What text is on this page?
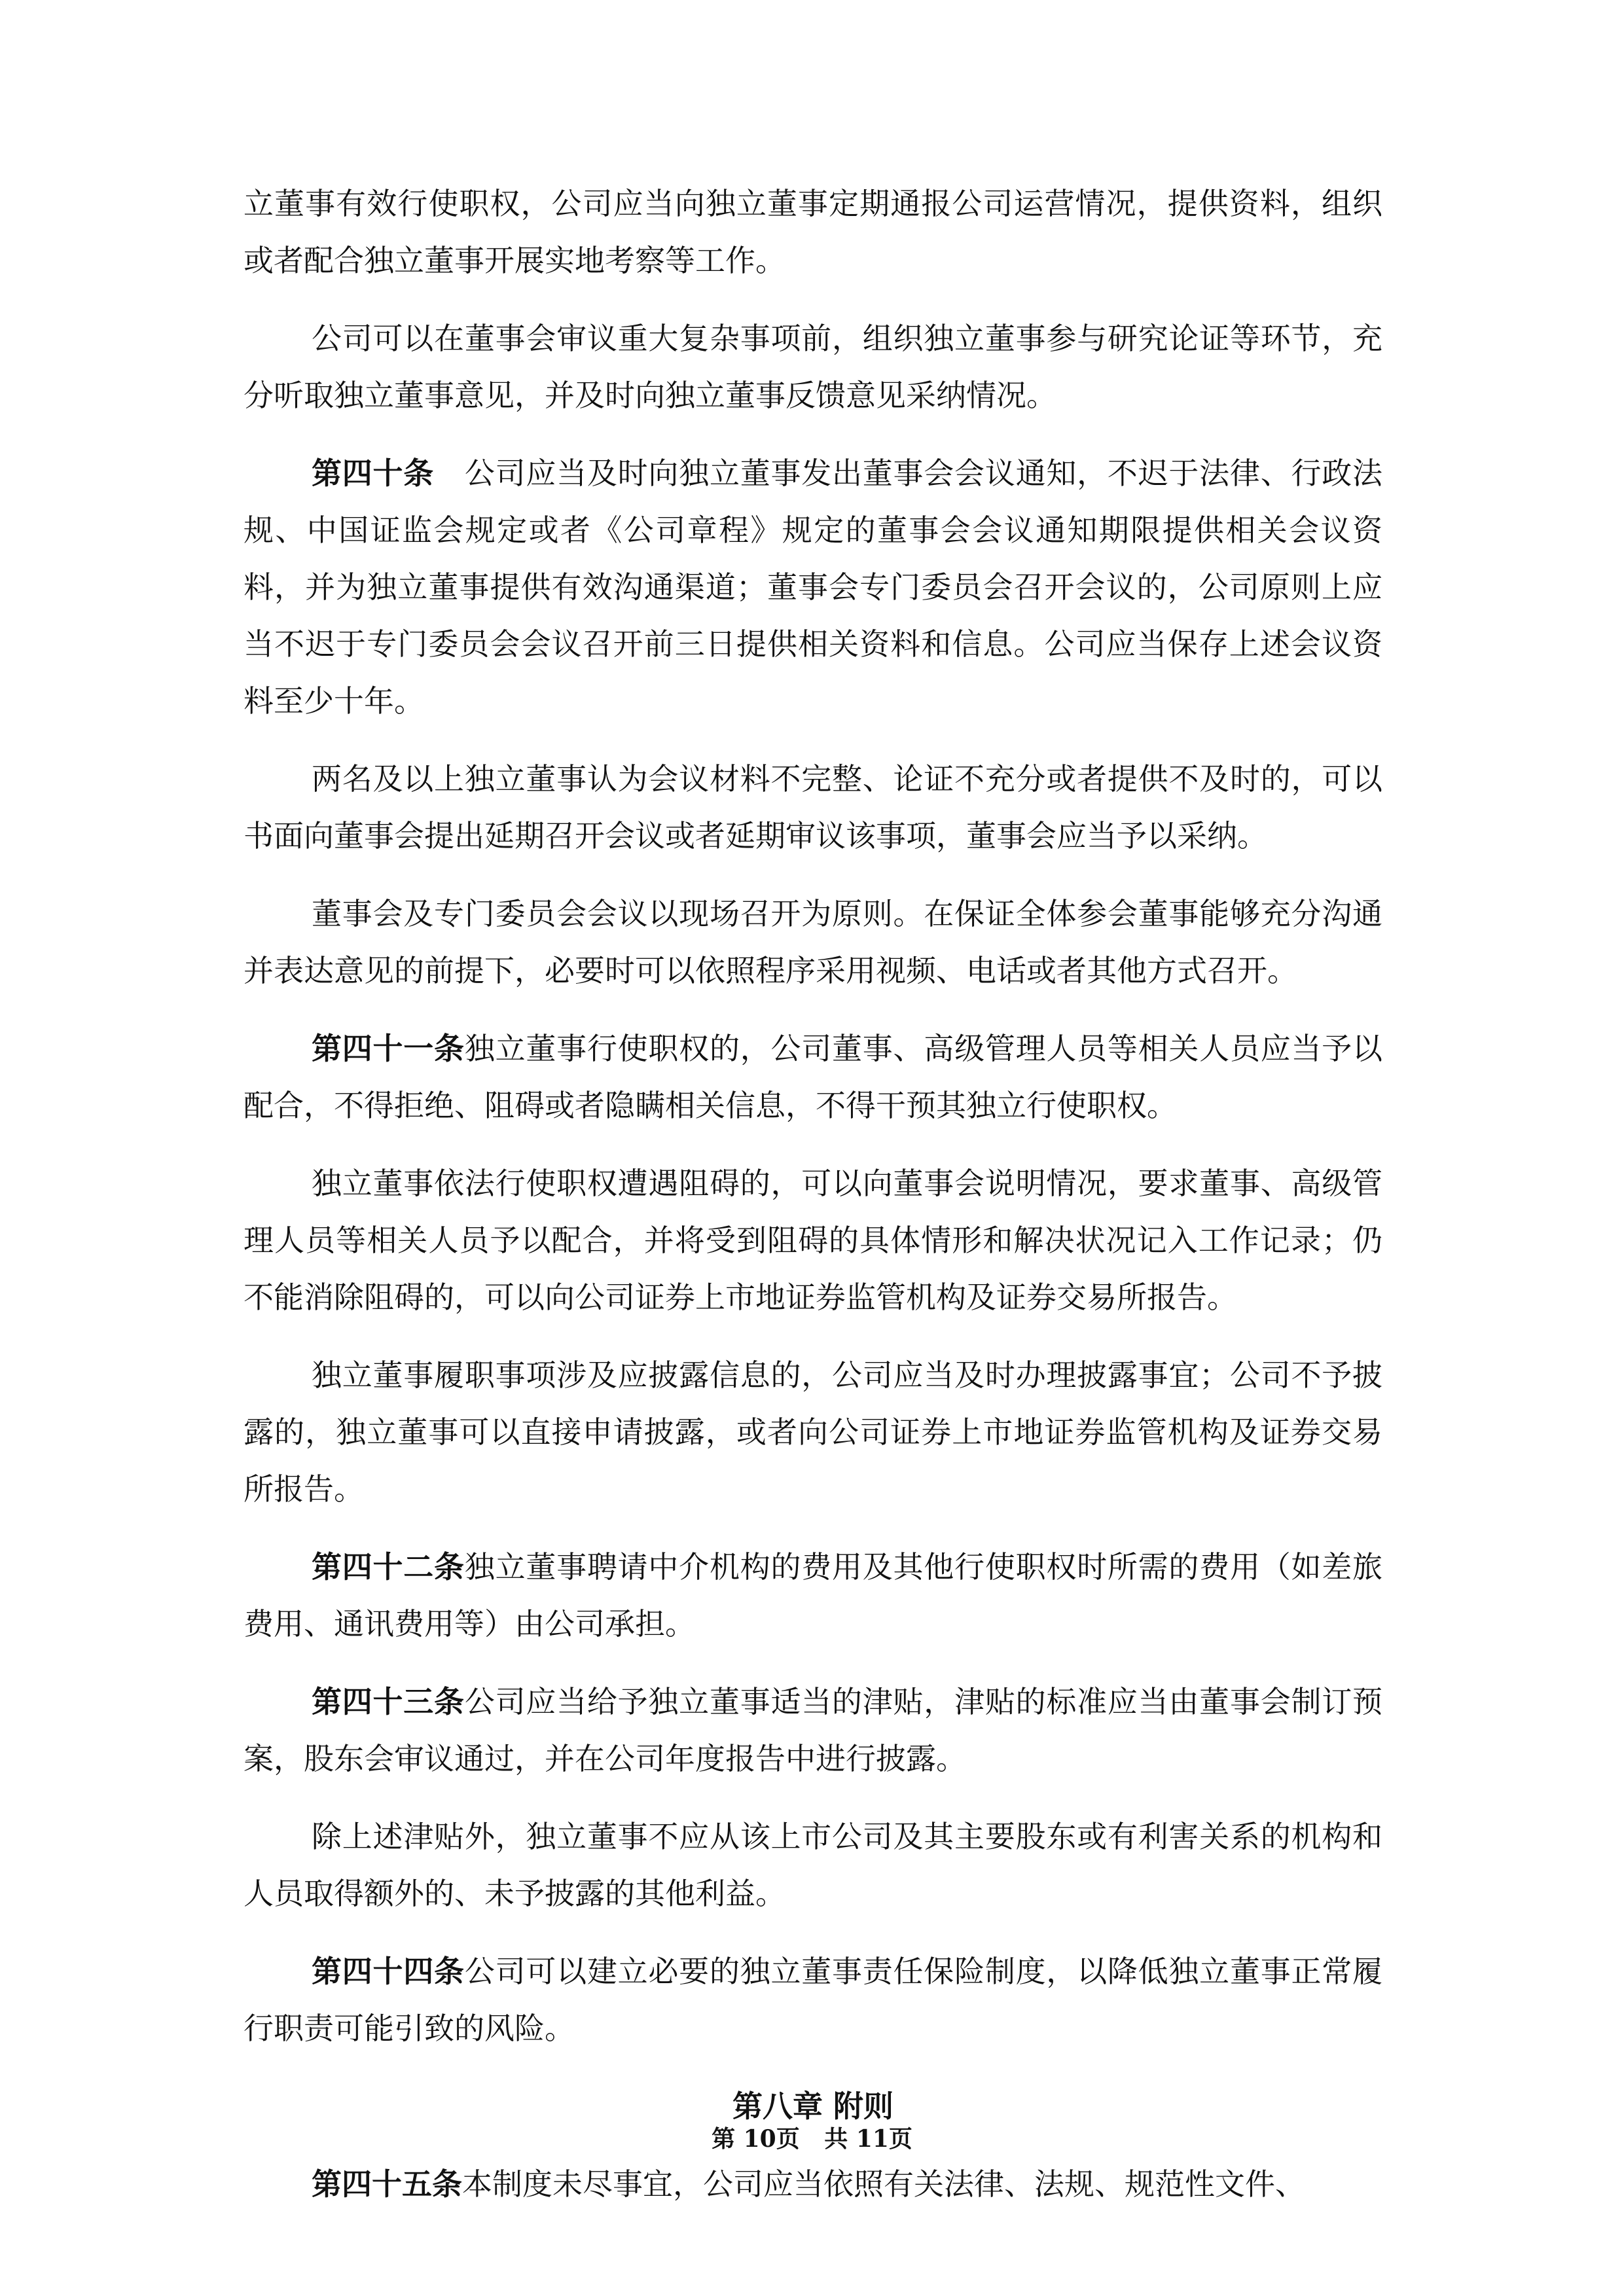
立董事有效行使职权，公司应当向独立董事定期通报公司运营情况，提供资料，组织或者配合独立董事开展实地考察等工作。

公司可以在董事会审议重大复杂事项前，组织独立董事参与研究论证等环节，充分听取独立董事意见，并及时向独立董事反馈意见采纳情况。

第四十条 公司应当及时向独立董事发出董事会会议通知，不迟于法律、行政法规、中国证监会规定或者《公司章程》规定的董事会会议通知期限提供相关会议资料，并为独立董事提供有效沟通渠道；董事会专门委员会召开会议的，公司原则上应当不迟于专门委员会会议召开前三日提供相关资料和信息。公司应当保存上述会议资料至少十年。

两名及以上独立董事认为会议材料不完整、论证不充分或者提供不及时的，可以书面向董事会提出延期召开会议或者延期审议该事项，董事会应当予以采纳。

董事会及专门委员会会议以现场召开为原则。在保证全体参会董事能够充分沟通并表达意见的前提下，必要时可以依照程序采用视频、电话或者其他方式召开。

第四十一条独立董事行使职权的，公司董事、高级管理人员等相关人员应当予以配合，不得拒绝、阻碍或者隐瞒相关信息，不得干预其独立行使职权。

独立董事依法行使职权遭遇阻碍的，可以向董事会说明情况，要求董事、高级管理人员等相关人员予以配合，并将受到阻碍的具体情形和解决状况记入工作记录；仍不能消除阻碍的，可以向公司证券上市地证券监管机构及证券交易所报告。

独立董事履职事项涉及应披露信息的，公司应当及时办理披露事宜；公司不予披露的，独立董事可以直接申请披露，或者向公司证券上市地证券监管机构及证券交易所报告。

第四十二条独立董事聘请中介机构的费用及其他行使职权时所需的费用（如差旅费用、通讯费用等）由公司承担。

第四十三条公司应当给予独立董事适当的津贴，津贴的标准应当由董事会制订预案，股东会审议通过，并在公司年度报告中进行披露。

除上述津贴外，独立董事不应从该上市公司及其主要股东或有利害关系的机构和人员取得额外的、未予披露的其他利益。

第四十四条公司可以建立必要的独立董事责任保险制度，以降低独立董事正常履行职责可能引致的风险。

第八章 附则

第四十五条本制度未尽事宜，公司应当依照有关法律、法规、规范性文件、

第 10页   共 11页
